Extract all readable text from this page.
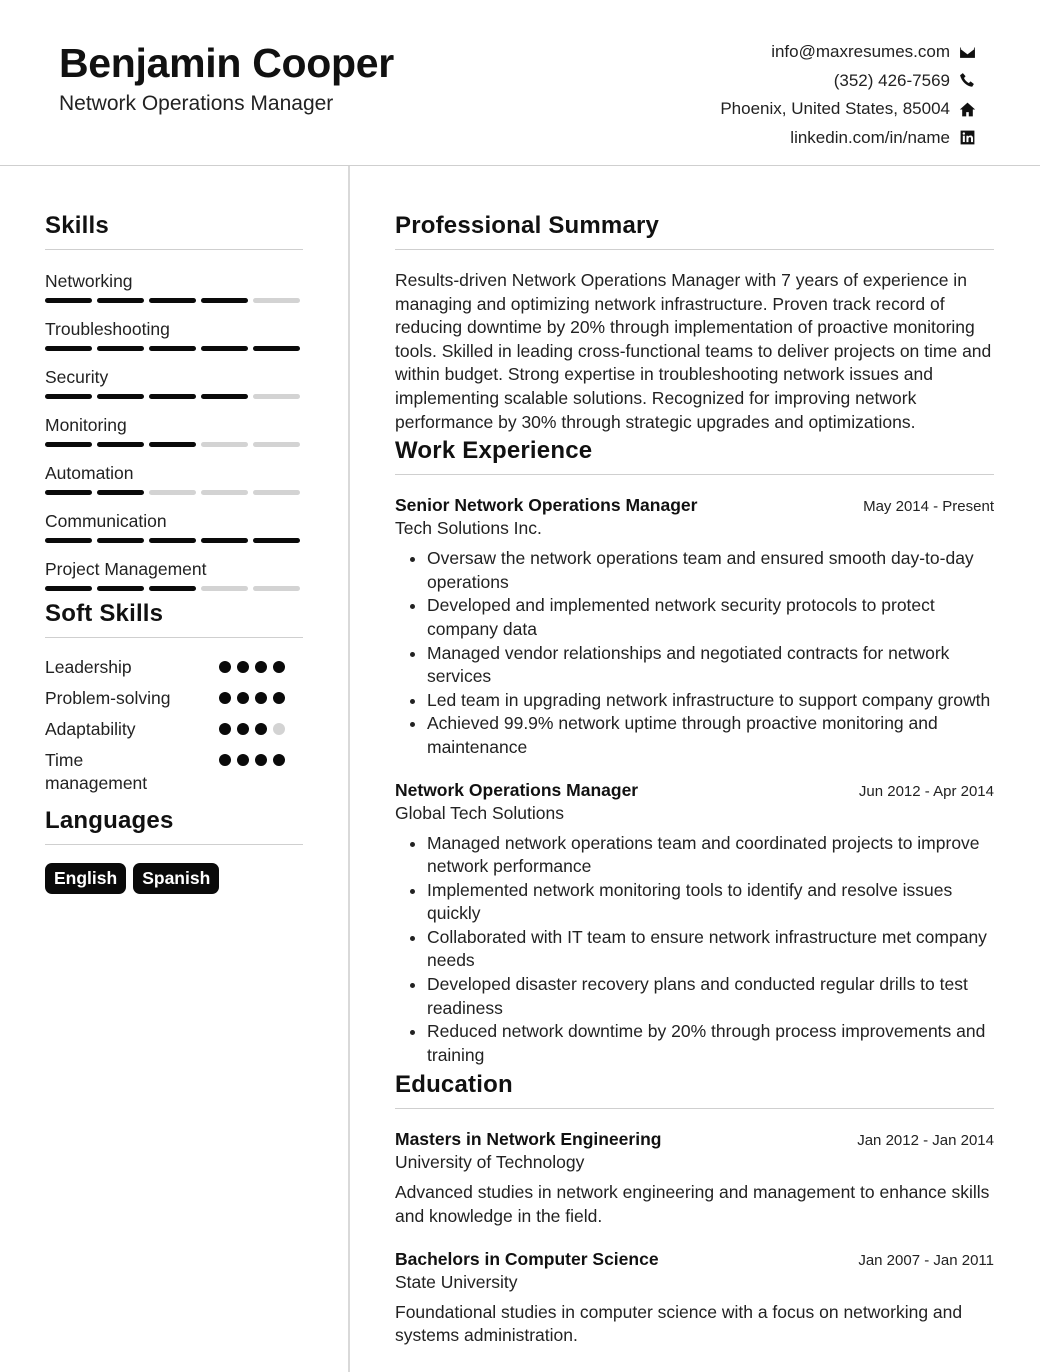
Benjamin Cooper
Network Operations Manager
info@maxresumes.com
(352) 426-7569
Phoenix, United States, 85004
linkedin.com/in/name
Skills
Networking
Troubleshooting
Security
Monitoring
Automation
Communication
Project Management
Soft Skills
Leadership
Problem-solving
Adaptability
Time management
Languages
English	Spanish
Professional Summary
Results-driven Network Operations Manager with 7 years of experience in managing and optimizing network infrastructure. Proven track record of reducing downtime by 20% through implementation of proactive monitoring tools. Skilled in leading cross-functional teams to deliver projects on time and within budget. Strong expertise in troubleshooting network issues and implementing scalable solutions. Recognized for improving network performance by 30% through strategic upgrades and optimizations.
Work Experience
Senior Network Operations Manager	May 2014 - Present
Tech Solutions Inc.
• Oversaw the network operations team and ensured smooth day-to-day operations
• Developed and implemented network security protocols to protect company data
• Managed vendor relationships and negotiated contracts for network services
• Led team in upgrading network infrastructure to support company growth
• Achieved 99.9% network uptime through proactive monitoring and maintenance
Network Operations Manager	Jun 2012 - Apr 2014
Global Tech Solutions
• Managed network operations team and coordinated projects to improve network performance
• Implemented network monitoring tools to identify and resolve issues quickly
• Collaborated with IT team to ensure network infrastructure met company needs
• Developed disaster recovery plans and conducted regular drills to test readiness
• Reduced network downtime by 20% through process improvements and training
Education
Masters in Network Engineering	Jan 2012 - Jan 2014
University of Technology
Advanced studies in network engineering and management to enhance skills and knowledge in the field.
Bachelors in Computer Science	Jan 2007 - Jan 2011
State University
Foundational studies in computer science with a focus on networking and systems administration.
